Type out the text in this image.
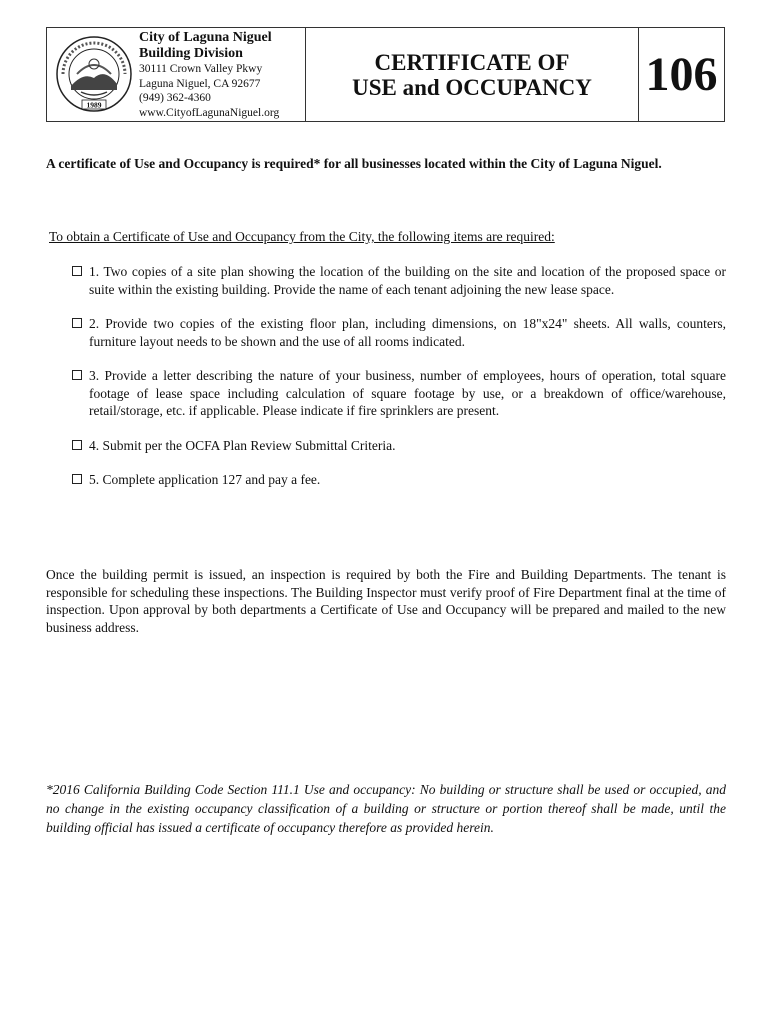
1989
City of Laguna Niguel
Building Division
30111 Crown Valley Pkwy
Laguna Niguel, CA 92677
(949) 362-4360
www.CityofLagunaNiguel.org
CERTIFICATE OF
USE and OCCUPANCY 106
A certificate of Use and Occupancy is required* for all businesses located within the City of Laguna Niguel.
To obtain a Certificate of Use and Occupancy from the City, the following items are required:
1. Two copies of a site plan showing the location of the building on the site and location of the proposed space or suite within the existing building. Provide the name of each tenant adjoining the new lease space.
2. Provide two copies of the existing floor plan, including dimensions, on 18"x24" sheets. All walls, counters, furniture layout needs to be shown and the use of all rooms indicated.
3. Provide a letter describing the nature of your business, number of employees, hours of operation, total square footage of lease space including calculation of square footage by use, or a breakdown of office/warehouse, retail/storage, etc. if applicable. Please indicate if fire sprinklers are present.
4. Submit per the OCFA Plan Review Submittal Criteria.
5. Complete application 127 and pay a fee.
Once the building permit is issued, an inspection is required by both the Fire and Building Departments. The tenant is responsible for scheduling these inspections. The Building Inspector must verify proof of Fire Department final at the time of inspection. Upon approval by both departments a Certificate of Use and Occupancy will be prepared and mailed to the new business address.
*2016 California Building Code Section 111.1 Use and occupancy: No building or structure shall be used or occupied, and no change in the existing occupancy classification of a building or structure or portion thereof shall be made, until the building official has issued a certificate of occupancy therefore as provided herein.
